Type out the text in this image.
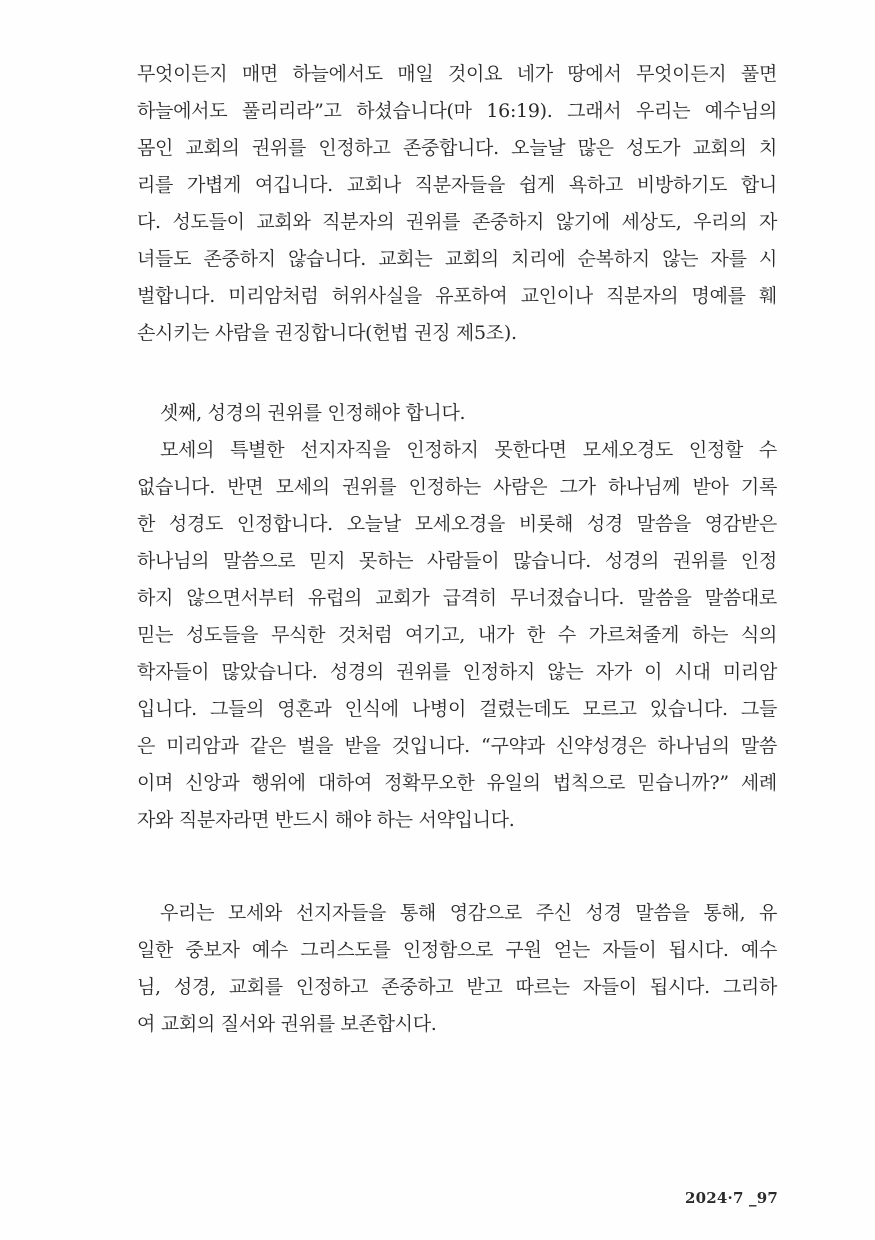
무엇이든지 매면 하늘에서도 매일 것이요 네가 땅에서 무엇이든지 풀면
하늘에서도 풀리리라”고 하셨습니다(마 16:19). 그래서 우리는 예수님의
몸인 교회의 권위를 인정하고 존중합니다. 오늘날 많은 성도가 교회의 치
리를 가볍게 여깁니다. 교회나 직분자들을 쉽게 욕하고 비방하기도 합니
다. 성도들이 교회와 직분자의 권위를 존중하지 않기에 세상도, 우리의 자
녀들도 존중하지 않습니다. 교회는 교회의 치리에 순복하지 않는 자를 시
벌합니다. 미리암처럼 허위사실을 유포하여 교인이나 직분자의 명예를 훼
손시키는 사람을 권징합니다(헌법 권징 제5조).
셋째, 성경의 권위를 인정해야 합니다.
모세의 특별한 선지자직을 인정하지 못한다면 모세오경도 인정할 수
없습니다. 반면 모세의 권위를 인정하는 사람은 그가 하나님께 받아 기록
한 성경도 인정합니다. 오늘날 모세오경을 비롯해 성경 말씀을 영감받은
하나님의 말씀으로 믿지 못하는 사람들이 많습니다. 성경의 권위를 인정
하지 않으면서부터 유럽의 교회가 급격히 무너졌습니다. 말씀을 말씀대로
믿는 성도들을 무식한 것처럼 여기고, 내가 한 수 가르쳐줄게 하는 식의
학자들이 많았습니다. 성경의 권위를 인정하지 않는 자가 이 시대 미리암
입니다. 그들의 영혼과 인식에 나병이 걸렸는데도 모르고 있습니다. 그들
은 미리암과 같은 벌을 받을 것입니다. “구약과 신약성경은 하나님의 말씀
이며 신앙과 행위에 대하여 정확무오한 유일의 법칙으로 믿습니까?” 세례
자와 직분자라면 반드시 해야 하는 서약입니다.
우리는 모세와 선지자들을 통해 영감으로 주신 성경 말씀을 통해, 유
일한 중보자 예수 그리스도를 인정함으로 구원 얻는 자들이 됩시다. 예수
님, 성경, 교회를 인정하고 존중하고 받고 따르는 자들이 됩시다. 그리하
여 교회의 질서와 권위를 보존합시다.
2024·7 _97
